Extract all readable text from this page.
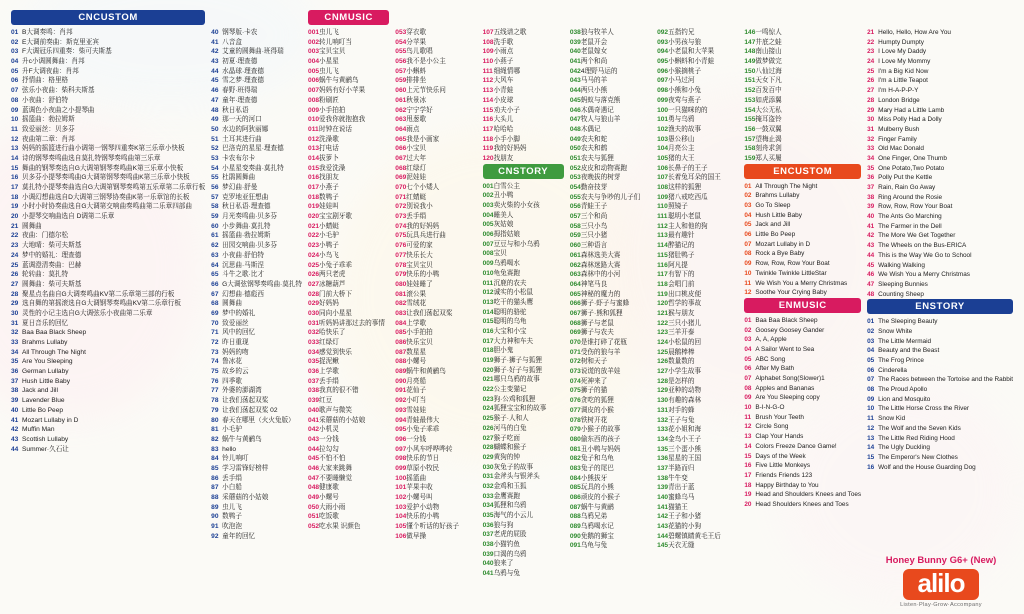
CNCUSTOM
01 B大调奏鸣：肖邦
02 E大调前奏曲：斯克里亚宾
03 F大调冠乐四重奏：柴可夫斯基
04 升c小调圆舞曲：肖邦
05 升F大调夜曲：肖邦
06 抒情曲：格里格
07 弦乐小夜曲：柴科夫斯基
08 小夜曲：舒伯特
09 蓝调色小夜曲之小提琴曲
10 摇篮曲：勃拉姆斯
11 致爱丽丝：贝多芬
12 夜曲第二章：肖邦
13 妈妈的摇篮进行曲小调第一钢琴四重奏K第三乐章小快板
14 诗的钢琴奏鸣曲选自莫扎特钢琴奏鸣曲第三乐章
15 舞曲的钢琴奏选自G大调第钢琴奏鸣曲K第三乐章小快板
16 贝多芬小提琴奏鸣曲G大调第钢琴奏鸣曲K第三乐章小快板
17 莫扎特小提琴奏曲选自G大调第钢琴奏鸣第五乐章第二乐章行板
18 小调幻想曲选自D大调第三钢琴协奏曲K第一乐章馆的长板
19 小时小时协奏曲选自G大调第交响曲奏鸣曲第二乐章四部曲
20 小提琴交响曲选自 D调第二乐章
21 圆舞曲
22 夜曲：门德尔松
23 大地晴：柴可夫斯基
24 梦中的婚礼：理查德
25 蓝调澄清奏曲：巴赫
26 轮转曲：莫扎特
27 圆舞曲：柴可夫斯基
28 聚星点名曲自G大调奏鸣曲KV第二乐章第三部的行板
29 选自舞的第摇滚选自G大调钢琴奏鸣曲KV第二乐章行板
30 灵性的小记主选自G大调弦乐小夜曲第二乐章
31 夏日音乐的回忆
32 Baa Baa Black Sheep
33 Brahms Lullaby
34 All Through The Night
35 Are You Sleeping
36 German Lullaby
37 Hush Little Baby
38 Jack and Jill
39 Lavender Blue
40 Little Bo Peep
41 Mozart Lullaby in D
42 Muffin Man
43 Scottish Lullaby
44 Summer·久石让
40 钢琴版·卡农
41 八音盒
42 艾童的圆舞曲·班得瑞
43 初夏·理查德
44 水晶球·理查德
45 雪之梦·理查德
46 春野·班得瑞
47 童年·理查德
48 秋日私语
49 那一天的河口
50 水边的阿狄丽娜
51 土耳其进行曲
52 巴洛克的星星·理查德
53 卡农布尔卡
54 小星星变奏曲·莫扎特
55 杜鹃圆舞曲
56 梦幻曲·舒曼
57 克罗地亚狂想曲
58 秋日私语·理查德
59 月光奏鸣曲·贝多芬
60 小步舞曲·莫扎特
61 摇篮曲·勃拉姆斯
62 田园交响曲·贝多芬
63 小夜曲·舒伯特
64 沉思曲·马斯涅
65 斗牛之歌·比才
66 G大调弦钢琴奏鸣曲·莫扎特
67 幻想曲·德彪西
68 圆舞曲
69 梦中的婚礼
70 致爱丽丝
71 风中的回忆
72 昨日重现
73 妈妈的吻
74 鲁冰花
75 故乡的云
76 四季歌
77 外婆的澎湖湾
78 让我们荡起双桨
79 让我们荡起双桨 02
80 春天在哪里（火火兔版）
81 小毛驴
82 蜗牛与黄鹂鸟
83 hello
84 铃儿响叮
85 学习雷锋好榜样
86 丢手绢
87 小白船
88 采蘑菇的小姑娘
89 虫儿飞
90 数鸭子
91 吹泡泡
92 童年的回忆
CNMUSIC
001 虫儿飞
002 转儿响叮当
003 宝贝宝贝
004 小星星
005 虫儿飞
006 蜗牛与黄鹂鸟
007 妈妈有好小苹果
008 粉刷匠
009 小手拍拍
010 爱我你就抱抱我
011 时钟在说话
012 洗澡歌
013 打电话
014 拔萝卜
015 我爱洗澡
016 找朋友
017 小燕子
018 数鸭子
019 娃娃叫
020 宝宝剧牙歌
021 小蜻蜓
022 小毛驴
023 小鸭子
024 小鸟飞
025 小兔子乖乖
026 两只老虎
027 冰糖葫芦
028 门前大桥下
029 好妈妈
030 同向小星星
031 听妈妈讲那过去的事情
032 哈快乐了
033 红绿灯
034 感觉到快乐
035 捉泥鳅
036 上学歌
037 丢手绢
038 我真的很不错
039 红豆
040 歌声与微笑
041 采蘑菇的小姑娘
042 小机灵
043 一分钱
044 拉勾勾
045 不怕不怕
046 大家来跳舞
047 不要睡懒觉
048 健康歌
049 小螺号
050 大雨小雨
051 吃饭歌
052 吃水果 识颜色
053 穿衣歌
054 分苹果
055 鸟儿歌唱
056 我不是小公主
057 小蝌蚪
059 排排坐
060 上元节快乐问
061 秋景冰
062 宁宁学好
063 甩葱歌
064 雨点
065 我是小画家
066 小宝贝
067 过大年
068 红绿灯
069 泥娃娃
070 七个小矮人
071 红蜻蜓
072 别说我小
073 丢手绢
074 我的好妈妈
075 玩具兵进行曲
076 可爱的家
077 快乐长大
078 宝贝宝贝
079 快乐的小鸭
080 娃娃睡了
081 滚公果
082 雪绒花
083 让我们荡起双桨
084 上学歌
085 小手拍拍
086 快乐宝贝
087 数星星
088 小螺号
089 蜗牛和黄鹂鸟
090 月亮船
091 花仙子
092 小叮当
093 雪娃娃
094 青蛙最伟大
095 小兔子乖乖
096 一分钱
097 小风车呼哗哗转
098 快乐的节日
099 草原小牧民
100 摇篮曲
101 苹果丰收
102 小螺号叫
103 爱护小动物
104 快乐的小鸭
105 懂个听话的好孩子
106 做早操
107 五线谱之歌
108 洗手歌
109 小雨点
110 小燕子
111 细绳情哪
112 大风车
113 小青蛙
114 小皮球
115 劝夫小子
116 大头儿
117 哈哈哈
118 小手小脚
119 我的好妈妈
120 找朋友
CNSTORY
001 白雪公主
002 丑小鸭
003 卖火柴的小女孩
004 睡美人
005 灰姑娘
006 拇指姑娘
007 豆豆与和小乌鸦
008 宝贝
009 乌鸦喝水
010 龟兔赛跑
011 沉鹿的农夫
012 诚实的小松鼠
013 吃干的猫头鹰
014 聪明的骆驼
015 聪明的乌龟
016 大宝和小宝
017 大力神和车夫
018 胆小鬼
019 狮子·狮子与狐狸
020 狮子·好子与狐狸
021 哪只乌鸦的故事
022 公主变猫记
023 狗·公鸡和狐狸
024 狐狸宝宝和的故事
025 猴子·人和人
026 河马的白兔
027 猴子吃面
028 蝴蝶和猴子
029 黄狗的钟
030 灰兔子的故事
031 金斧头与银斧头
032 金鸡和玉狐
033 金鹰赛跑
034 狐狸和乌鸦
035 海气的小云儿
036 狼与狗
037 老虎的屁股
038 小猫钓鱼
039 口渴的乌鸦
040 狼来了
041 乌鸦与兔
038 狼与牧羊人
039 老鼠开会
040 老鼠嫁女
041 两个和尚
042 4理野马运的
043 马马的羊
044 两只小熊
045 蚂蚁与落克熊
046 木偶奇遇记
047 牧人与狼山羊
048 木偶记
049 农夫和蛇
050 农夫和鹤
051 农夫与狐狸
052 皮皮和动物赛跑
053 夜晚拔的树芽
054 勤奋技芽
055 农夫与争吵的儿子们
056 青蛙王子
057 三个和尚
058 三只小鸟
059 三只小猪
060 三种语言
061 森林选美大赛
062 森林迷路大赛
063 森林中的小河
064 神笔马良
065 神秘的魔力的
066 狮子·虾子与蜜蜂
067 狮子·熊和狐狸
068 狮子与老鼠
069 狮子与农夫
070 是谁打碎了花瓶
071 受伤的狼与羊
072 树和天子
073 说谎的放羊娃
074 死神来了
075 狮子的猫
076 贪吃的狐狸
077 调皮的小猴
078 铁树开花
079 小猴子的故事
080 偷东西的孩子
081 丑小鸭与妈妈
082 兔子和乌龟
083 兔子的尾巴
084 小熊拔牙
085 玩具的小熊
086 顽皮的小猴子
087 蜗牛与黄鹂
088 乌鸦兄弟
089 乌鸦喝水记
090 免鹅的狮宝
091 乌龟与兔
092 五指钓兄
093 小男孩与狼
094 小老鼠和大苹果
095 小蝌蚪和小青蛙
096 小猴摘桃子
097 小马过河
098 小熊和小兔
099 夜莺与燕子
100 一只猫咪的的
101 勇与乌鸦
102 渔夫的故事
103 愚公移山
104 月亮公主
105 猪的大王
106 长鼻子的王子
107 长着兔耳朵的国王
108 这样的狐狸
109 猪八戒吃西瓜
110 照镜子
111 聪明小老鼠
112 主人和他的狗
113 最有趣针
114 醉猫记的
115 猪肚鸭子
116 阿凡提
117 有智下的
118 会唱门前
119 出口桃皮便
120 哲学的事故
121 猴与朋友
122 三只小猪儿
123 三羊开泰
124 小松鼠的回
125 晨鹅棒棒
126 数量数的
127 小学生故事
128 是怎样的
129 亚种的动物
130 有趣的森林
131 对手的蜂
132 王子与兔
133 花小姐和海
134 金鸟小王子
135 三个蛋小熊
136 星星的王国
137 半路而归
138 牛牛变
139 青出于蓝
140 蜜蜂乌马
141 猫猫王
142 王子和小猪
143 花猫的小狗
144 碧螺镇睛黄毛王后
145 天衣无缝
146 一鸣惊人
147 井底之蛙
148 南山接山
149 做梦做完
150 八仙过海
151 天女下凡
152 百发百中
153 如虎添翼
154 大公无私
155 掩耳盗铃
156 一鼓双翼
157 望梅止渴
158 刻舟求剑
159 郑人买履
ENCUSTOM
01 All Through The Night
02 Brahms Lullaby
03 Go To Sleep
04 Hush Little Baby
05 Jack and Jill
06 Little Bo Peep
07 Mozart Lullaby in D
08 Rock a Bye Baby
09 Row, Row, Row Your Boat
10 Twinkle Twinkle LittleStar
11 We Wish You a Merry Christmas
12 Soothe Your Crying Baby
ENMUSIC
01 Baa Baa Black Sheep
02 Goosey Goosey Gander
03 A, A, Apple
04 A Sailor Went to Sea
05 ABC Song
06 After My Bath
07 Alphabet Song(Slower)1
08 Apples and Bananas
09 Are You Sleeping copy
10 B-I-N-G-O
11 Brush Your Teeth
12 Circle Song
13 Clap Your Hands
14 Colors Freeze Dance Game!
15 Days of the Week
16 Five Little Monkeys
17 Friends Friends 123
18 Happy Birthday to You
19 Head and Shoulders Knees and Toes
20 Head Shoulders Knees and Toes
21 Hello, Hello, How Are You
22 Humpty Dumpty
23 I Love My Daddy
24 I Love My Mommy
25 I'm a Big Kid Now
26 I'm a Little Teapot
27 I'm H-A-P-P-Y
28 London Bridge
29 Mary Had a Little Lamb
30 Miss Polly Had a Dolly
31 Mulberry Bush
32 Finger Family
33 Old Mac Donald
34 One Finger, One Thumb
35 One Potato,Two Potato
36 Polly Put the Kettle
37 Rain, Rain Go Away
38 Ring Around the Rosie
39 Row, Row, Row Your Boat
40 The Ants Go Marching
41 The Farmer in the Dell
42 The More We Get Together
43 The Wheels on the Bus-ERICA
44 This is the Way We Go to School
45 Walking Walking
46 We Wish You a Merry Christmas
47 Sleeping Bunnies
48 Counting Sheep
ENSTORY
01 The Sleeping Beauty
02 Snow White
03 The Little Mermaid
04 Beauty and the Beast
05 The Frog Prince
06 Cinderella
07 The Races between the Tortoise and the Rabbit
08 The Proud Apollo
09 Lion and Mosquito
10 The Little Horse Cross the River
11 Snow Kid
12 The Wolf and the Seven Kids
13 The Little Red Riding Hood
14 The Ugly Duckling
15 The Emperor's New Clothes
16 Wolf and the House Guarding Dog
Honey Bunny G6+ (New)
alilo
Listen·Play·Grow·Accompany
